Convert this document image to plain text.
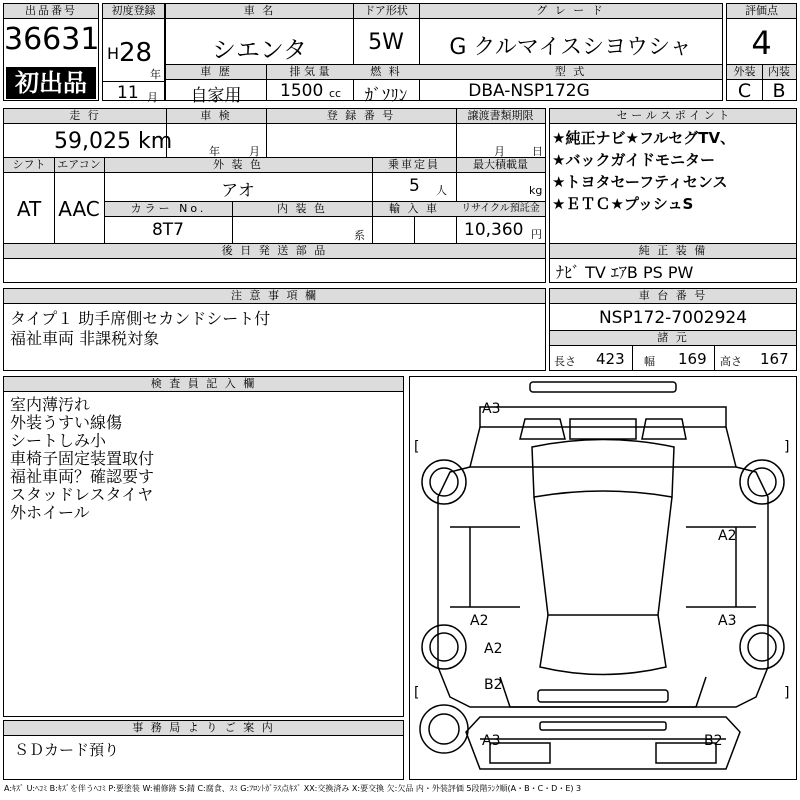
出品番号
36631
初出品
初度登録
H 28
年
11 月
車 名	ドア形状	グ レ ー ド
シエンタ	5W	G クルマイスシヨウシャ
車 歴	排 気 量	燃 料	型 式
自家用	1500 cc	ｶﾞｿﾘﾝ	DBA-NSP172G
評価点
4
外装	内装
C	B
走 行	車 検	登 録 番 号	譲渡書類期限
59,025 km	年	月	月 日
シフト	エアコン	外 装 色	乗車定員	最大積載量
AT AAC
アオ	5 人	kg
カラー No.	内 装 色	輸 入 車	リサイクル預託金
8T7	系	10,360 円
後 日 発 送 部 品
セ ー ル ス ポ イ ン ト
★純正ナビ★フルセグTV、
★バックガイドモニター
★トヨタセーフティセンス
★ＥＴＣ★プッシュS
純 正 装 備
ﾅﾋﾞ TV ｴｱB PS PW
注 意 事 項 欄
タイプ１ 助手席側セカンドシート付
福祉車両 非課税対象
車 台 番 号
NSP172-7002924
諸 元
長さ 423 幅 169 高さ 167
検 査 員 記 入 欄
室内薄汚れ
外装うすい線傷
シートしみ小
車椅子固定装置取付
福祉車両？確認要す
スタッドレスタイヤ
外ホイール
事 務 局 よ り ご 案 内
ＳＤカード預り
[	]
[	]
A3
A2
A2	A3
A2
B2
A3	B2
A:ｷｽﾞ U:ﾍｺﾐ B:ｷｽﾞを伴うﾍｺﾐ P:要塗装 W:補修跡 S:錆 C:腐食、ｽﾐ G:ﾌﾛﾝﾄｶﾞﾗｽ点ｷｽﾞ XX:交換済み X:要交換 欠:欠品 内・外装評価 5段階ﾗﾝｸ順(A・B・C・D・E) 3
